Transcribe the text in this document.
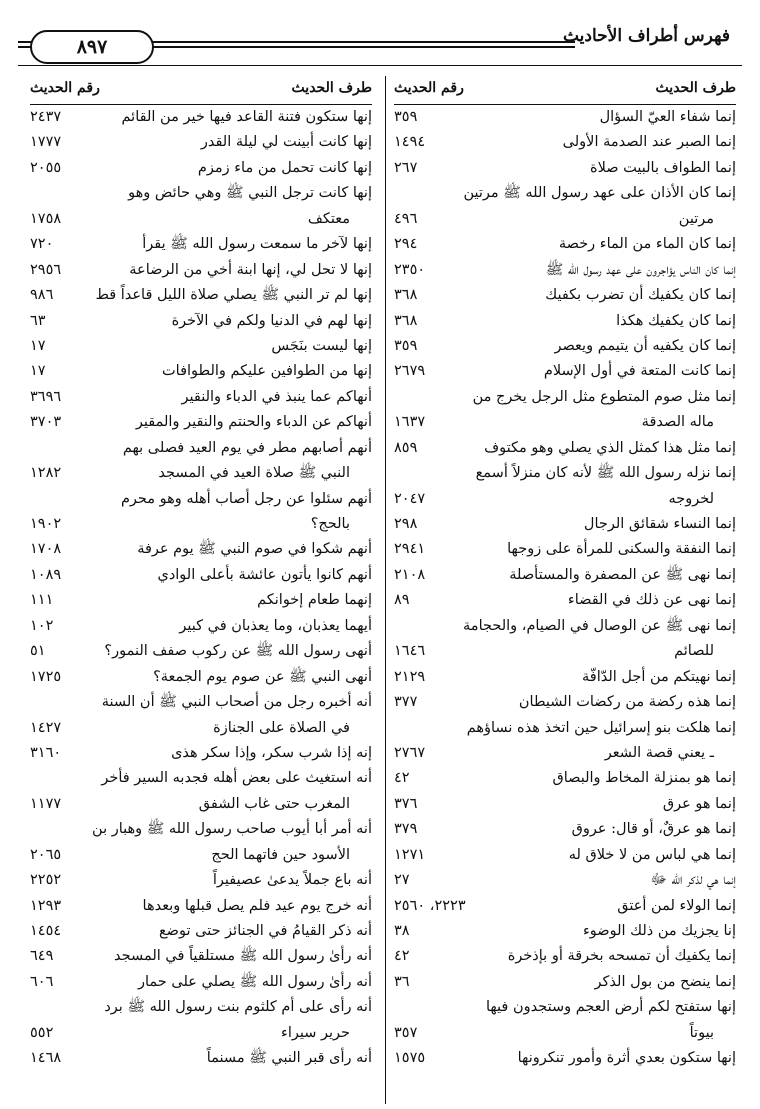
فهرس أطراف الأحاديث
٨٩٧
طرف الحديث
رقم الحديث
إنما شفاء العيّ السؤال
٣٥٩
إنما الصبر عند الصدمة الأولى
١٤٩٤
إنما الطواف بالبيت صلاة
٢٦٧
إنما كان الأذان على عهد رسول الله ﷺ مرتين
مرتين
٤٩٦
إنما كان الماء من الماء رخصة
٢٩٤
إنما كان الناس يؤاجرون على عهد رسول الله ﷺ
٢٣٥٠
إنما كان يكفيك أن تضرب بكفيك
٣٦٨
إنما كان يكفيك هكذا
٣٦٨
إنما كان يكفيه أن يتيمم ويعصر
٣٥٩
إنما كانت المتعة في أول الإسلام
٢٦٧٩
إنما مثل صوم المتطوع مثل الرجل يخرج من
ماله الصدقة
١٦٣٧
إنما مثل هذا كمثل الذي يصلي وهو مكتوف
٨٥٩
إنما نزله رسول الله ﷺ لأنه كان منزلاً أسمع
لخروجه
٢٠٤٧
إنما النساء شقائق الرجال
٢٩٨
إنما النفقة والسكنى للمرأة على زوجها
٢٩٤١
إنما نهى ﷺ عن المصفرة والمستأصلة
٢١٠٨
إنما نهى عن ذلك في القضاء
٨٩
إنما نهى ﷺ عن الوصال في الصيام، والحجامة
للصائم
١٦٤٦
إنما نهيتكم من أجل الدّافّة
٢١٢٩
إنما هذه ركضة من ركضات الشيطان
٣٧٧
إنما هلكت بنو إسرائيل حين اتخذ هذه نساؤهم
ـ يعني قصة الشعر
٢٧٦٧
إنما هو بمنزلة المخاط والبصاق
٤٢
إنما هو عرق
٣٧٦
إنما هو عرقٌ، أو قال: عروق
٣٧٩
إنما هي لباس من لا خلاق له
١٢٧١
إنما هي لذكر الله ﷻ
٢٧
إنما الولاء لمن أعتق
٢٢٢٣، ٢٥٦٠
إنا يجزيك من ذلك الوضوء
٣٨
إنما يكفيك أن تمسحه بخرقة أو بإذخرة
٤٢
إنما ينضح من بول الذكر
٣٦
إنها ستفتح لكم أرض العجم وستجدون فيها
بيوتاً
٣٥٧
إنها ستكون بعدي أثرة وأمور تنكرونها
١٥٧٥
طرف الحديث
رقم الحديث
إنها ستكون فتنة القاعد فيها خير من القائم
٢٤٣٧
إنها كانت أبينت لي ليلة القدر
١٧٧٧
إنها كانت تحمل من ماء زمزم
٢٠٥٥
إنها كانت ترجل النبي ﷺ وهي حائض وهو
معتكف
١٧٥٨
إنها لآخر ما سمعت رسول الله ﷺ يقرأ
٧٢٠
إنها لا تحل لي، إنها ابنة أخي من الرضاعة
٢٩٥٦
إنها لم تر النبي ﷺ يصلي صلاة الليل قاعداً قط
٩٨٦
إنها لهم في الدنيا ولكم في الآخرة
٦٣
إنها ليست بنَجَس
١٧
إنها من الطوافين عليكم والطوافات
١٧
أنهاكم عما ينبذ في الدباء والنقير
٣٦٩٦
أنهاكم عن الدباء والحنتم والنقير والمقير
٣٧٠٣
أنهم أصابهم مطر في يوم العيد فصلى بهم
النبي ﷺ صلاة العيد في المسجد
١٢٨٢
أنهم سئلوا عن رجل أصاب أهله وهو محرم
بالحج؟
١٩٠٢
أنهم شكوا في صوم النبي ﷺ يوم عرفة
١٧٠٨
أنهم كانوا يأتون عائشة بأعلى الوادي
١٠٨٩
إنهما طعام إخوانكم
١١١
أيهما يعذبان، وما يعذبان في كبير
١٠٢
أنهى رسول الله ﷺ عن ركوب صفف النمور؟
٥١
أنهى النبي ﷺ عن صوم يوم الجمعة؟
١٧٢٥
أنه أخبره رجل من أصحاب النبي ﷺ أن السنة
في الصلاة على الجنازة
١٤٢٧
إنه إذا شرب سكر، وإذا سكر هذى
٣١٦٠
أنه استغيث على بعض أهله فجدبه السير فأخر
المغرب حتى غاب الشفق
١١٧٧
أنه أمر أبا أيوب صاحب رسول الله ﷺ وهبار بن
الأسود حين فاتهما الحج
٢٠٦٥
أنه باع جملاً يدعىٰ عصيفيراً
٢٢٥٢
أنه خرج يوم عيد فلم يصل قبلها وبعدها
١٢٩٣
أنه ذكر القيامُ في الجنائز حتى توضع
١٤٥٤
أنه رأىٰ رسول الله ﷺ مستلقياً في المسجد
٦٤٩
أنه رأىٰ رسول الله ﷺ يصلي على حمار
٦٠٦
أنه رأى على أم كلثوم بنت رسول الله ﷺ برد
حرير سيراء
٥٥٢
أنه رأى قبر النبي ﷺ مسنماً
١٤٦٨
